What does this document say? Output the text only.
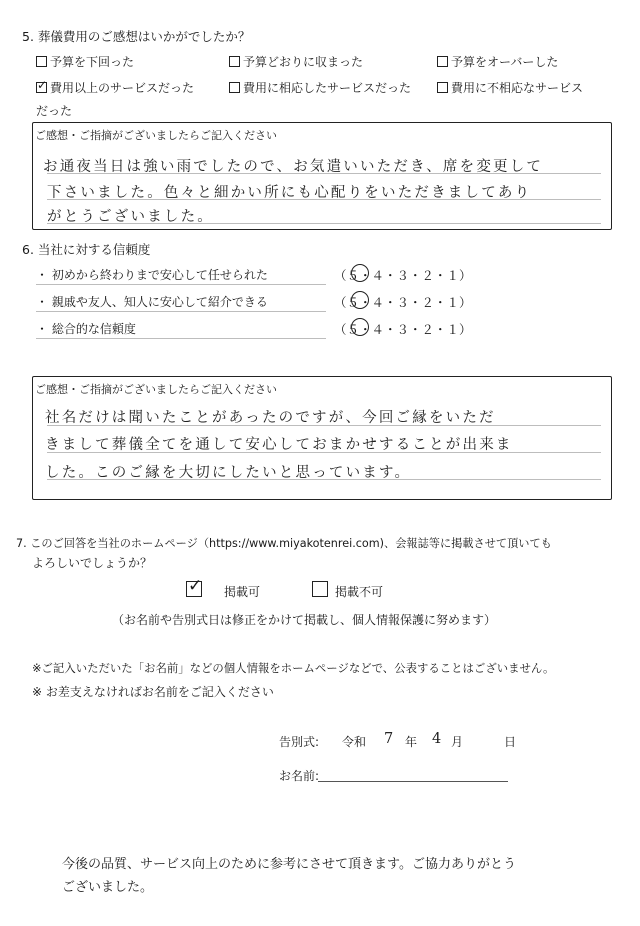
5. 葬儀費用のご感想はいかがでしたか？
予算を下回った	予算どおりに収まった	予算をオーバーした
✓費用以上のサービスだった	費用に相応したサービスだった	費用に不相応なサービス
だった
ご感想・ご指摘がございましたらご記入ください
お通夜当日は強い雨でしたので、お気遣いいただき、席を変更して
下さいました。色々と細かい所にも心配りをいただきましてあり
がとうございました。
6. 当社に対する信頼度
・ 初めから終わりまで安心して任せられた	（５・４・３・２・１）
・ 親戚や友人、知人に安心して紹介できる	（５・４・３・２・１）
・ 総合的な信頼度	（５・４・３・２・１）
ご感想・ご指摘がございましたらご記入ください
社名だけは聞いたことがあったのですが、今回ご縁をいただ
きまして葬儀全てを通して安心しておまかせすることが出来ま
した。このご縁を大切にしたいと思っています。
7. このご回答を当社のホームページ（https://www.miyakotenrei.com)、会報誌等に掲載させて頂いても
よろしいでしょうか？
✓
掲載可	掲載不可
（お名前や告別式日は修正をかけて掲載し、個人情報保護に努めます）
※ご記入いただいた「お名前」などの個人情報をホームページなどで、公表することはございません。
※ お差支えなければお名前をご記入ください
告別式: 令和 7 年 4 月	日
お名前:
今後の品質、サービス向上のために参考にさせて頂きます。ご協力ありがとう
ございました。
